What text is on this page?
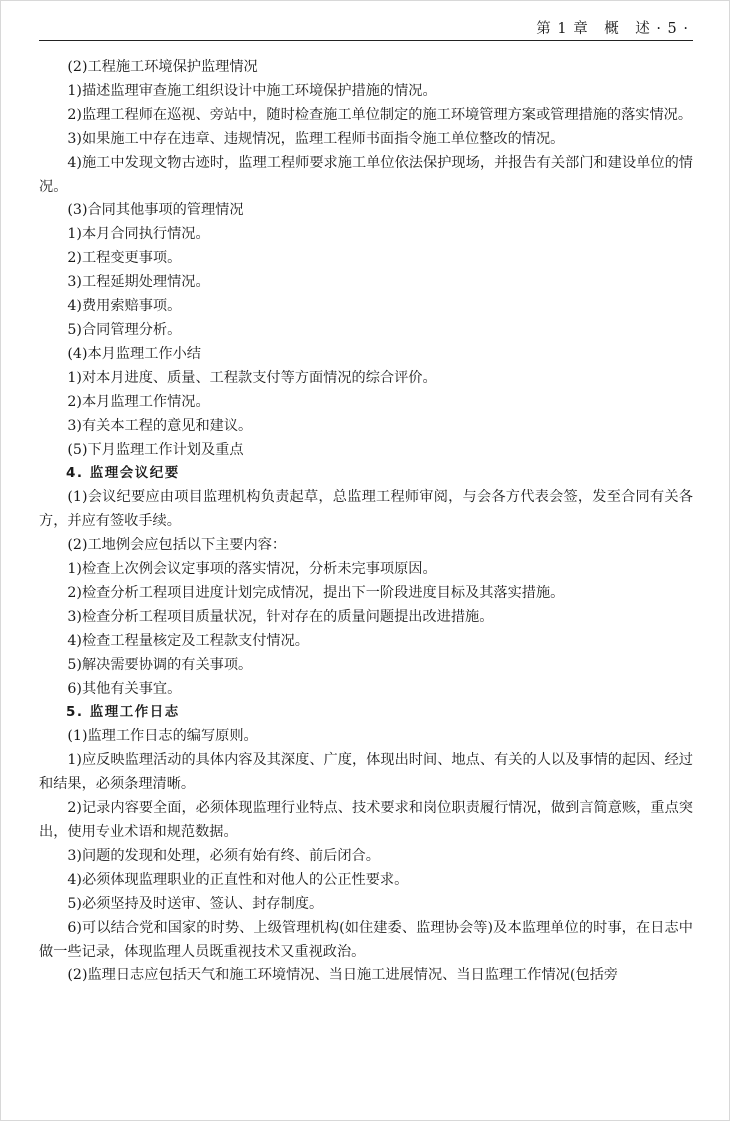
第 1 章　概　述 · 5 ·
(2)工程施工环境保护监理情况
1)描述监理审查施工组织设计中施工环境保护措施的情况。
2)监理工程师在巡视、旁站中，随时检查施工单位制定的施工环境管理方案或管理措施的落实情况。
3)如果施工中存在违章、违规情况，监理工程师书面指令施工单位整改的情况。
4)施工中发现文物古迹时，监理工程师要求施工单位依法保护现场，并报告有关部门和建设单位的情况。
(3)合同其他事项的管理情况
1)本月合同执行情况。
2)工程变更事项。
3)工程延期处理情况。
4)费用索赔事项。
5)合同管理分析。
(4)本月监理工作小结
1)对本月进度、质量、工程款支付等方面情况的综合评价。
2)本月监理工作情况。
3)有关本工程的意见和建议。
(5)下月监理工作计划及重点
4. 监理会议纪要
(1)会议纪要应由项目监理机构负责起草，总监理工程师审阅，与会各方代表会签，发至合同有关各方，并应有签收手续。
(2)工地例会应包括以下主要内容：
1)检查上次例会议定事项的落实情况，分析未完事项原因。
2)检查分析工程项目进度计划完成情况，提出下一阶段进度目标及其落实措施。
3)检查分析工程项目质量状况，针对存在的质量问题提出改进措施。
4)检查工程量核定及工程款支付情况。
5)解决需要协调的有关事项。
6)其他有关事宜。
5. 监理工作日志
(1)监理工作日志的编写原则。
1)应反映监理活动的具体内容及其深度、广度，体现出时间、地点、有关的人以及事情的起因、经过和结果，必须条理清晰。
2)记录内容要全面，必须体现监理行业特点、技术要求和岗位职责履行情况，做到言简意赅，重点突出，使用专业术语和规范数据。
3)问题的发现和处理，必须有始有终、前后闭合。
4)必须体现监理职业的正直性和对他人的公正性要求。
5)必须坚持及时送审、签认、封存制度。
6)可以结合党和国家的时势、上级管理机构(如住建委、监理协会等)及本监理单位的时事，在日志中做一些记录，体现监理人员既重视技术又重视政治。
(2)监理日志应包括天气和施工环境情况、当日施工进展情况、当日监理工作情况(包括旁
